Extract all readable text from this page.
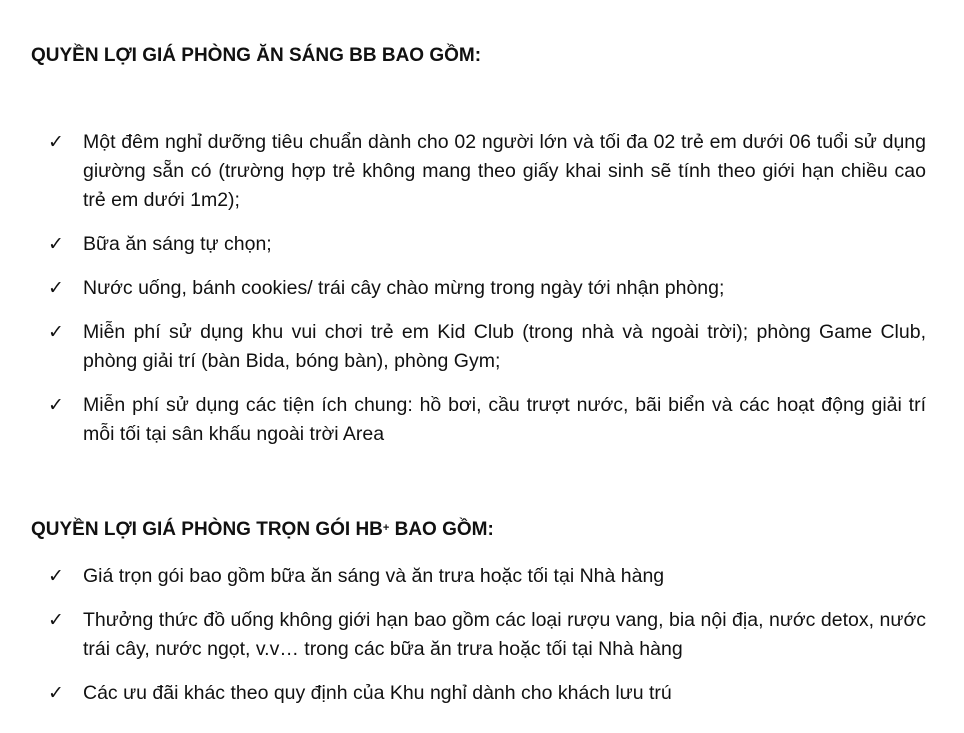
QUYỀN LỢI GIÁ PHÒNG ĂN SÁNG BB BAO GỒM:
✓ Một đêm nghỉ dưỡng tiêu chuẩn dành cho 02 người lớn và tối đa 02 trẻ em dưới 06 tuổi sử dụng giường sẵn có (trường hợp trẻ không mang theo giấy khai sinh sẽ tính theo giới hạn chiều cao trẻ em dưới 1m2);
✓ Bữa ăn sáng tự chọn;
✓ Nước uống, bánh cookies/ trái cây chào mừng trong ngày tới nhận phòng;
✓ Miễn phí sử dụng khu vui chơi trẻ em Kid Club (trong nhà và ngoài trời); phòng Game Club, phòng giải trí (bàn Bida, bóng bàn), phòng Gym;
✓ Miễn phí sử dụng các tiện ích chung: hồ bơi, cầu trượt nước, bãi biển và các hoạt động giải trí mỗi tối tại sân khấu ngoài trời Area
QUYỀN LỢI GIÁ PHÒNG TRỌN GÓI HB+ BAO GỒM:
✓ Giá trọn gói bao gồm bữa ăn sáng và ăn trưa hoặc tối tại Nhà hàng
✓ Thưởng thức đồ uống không giới hạn bao gồm các loại rượu vang, bia nội địa, nước detox, nước trái cây, nước ngọt, v.v… trong các bữa ăn trưa hoặc tối tại Nhà hàng
✓ Các ưu đãi khác theo quy định của Khu nghỉ dành cho khách lưu trú
